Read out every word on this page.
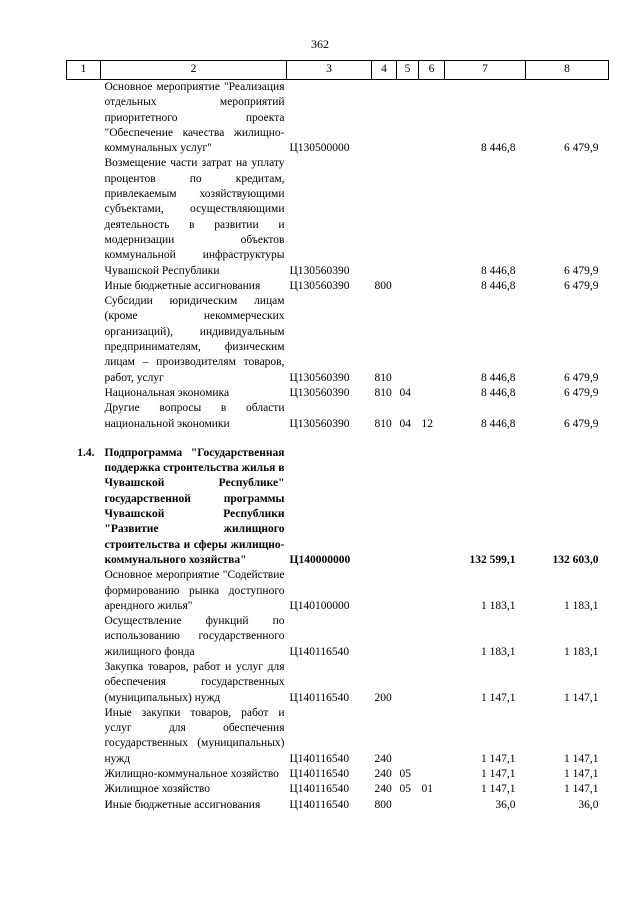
362
1	2	3	4	5	6	7	8
	Основное мероприятие "Реализация отдельных мероприятий приоритетного проекта "Обеспечение качества жилищно-коммунальных услуг"	Ц130500000				8 446,8	6 479,9
	Возмещение части затрат на уплату процентов по кредитам, привлекаемым хозяйствующими субъектами, осуществляющими деятельность в развитии и модернизации объектов коммунальной инфраструктуры Чувашской Республики	Ц130560390				8 446,8	6 479,9
	Иные бюджетные ассигнования	Ц130560390	800			8 446,8	6 479,9
	Субсидии юридическим лицам (кроме некоммерческих организаций), индивидуальным предпринимателям, физическим лицам – производителям товаров, работ, услуг	Ц130560390	810			8 446,8	6 479,9
	Национальная экономика	Ц130560390	810	04		8 446,8	6 479,9
	Другие вопросы в области национальной экономики	Ц130560390	810	04	12	8 446,8	6 479,9

1.4.	Подпрограмма "Государственная поддержка строительства жилья в Чувашской Республике" государственной программы Чувашской Республики "Развитие жилищного строительства и сферы жилищно-коммунального хозяйства"	Ц140000000				132 599,1	132 603,0
	Основное мероприятие "Содействие формированию рынка доступного арендного жилья"	Ц140100000				1 183,1	1 183,1
	Осуществление функций по использованию государственного жилищного фонда	Ц140116540				1 183,1	1 183,1
	Закупка товаров, работ и услуг для обеспечения государственных (муниципальных) нужд	Ц140116540	200			1 147,1	1 147,1
	Иные закупки товаров, работ и услуг для обеспечения государственных (муниципальных) нужд	Ц140116540	240			1 147,1	1 147,1
	Жилищно-коммунальное хозяйство	Ц140116540	240	05		1 147,1	1 147,1
	Жилищное хозяйство	Ц140116540	240	05	01	1 147,1	1 147,1
	Иные бюджетные ассигнования	Ц140116540	800			36,0	36,0
